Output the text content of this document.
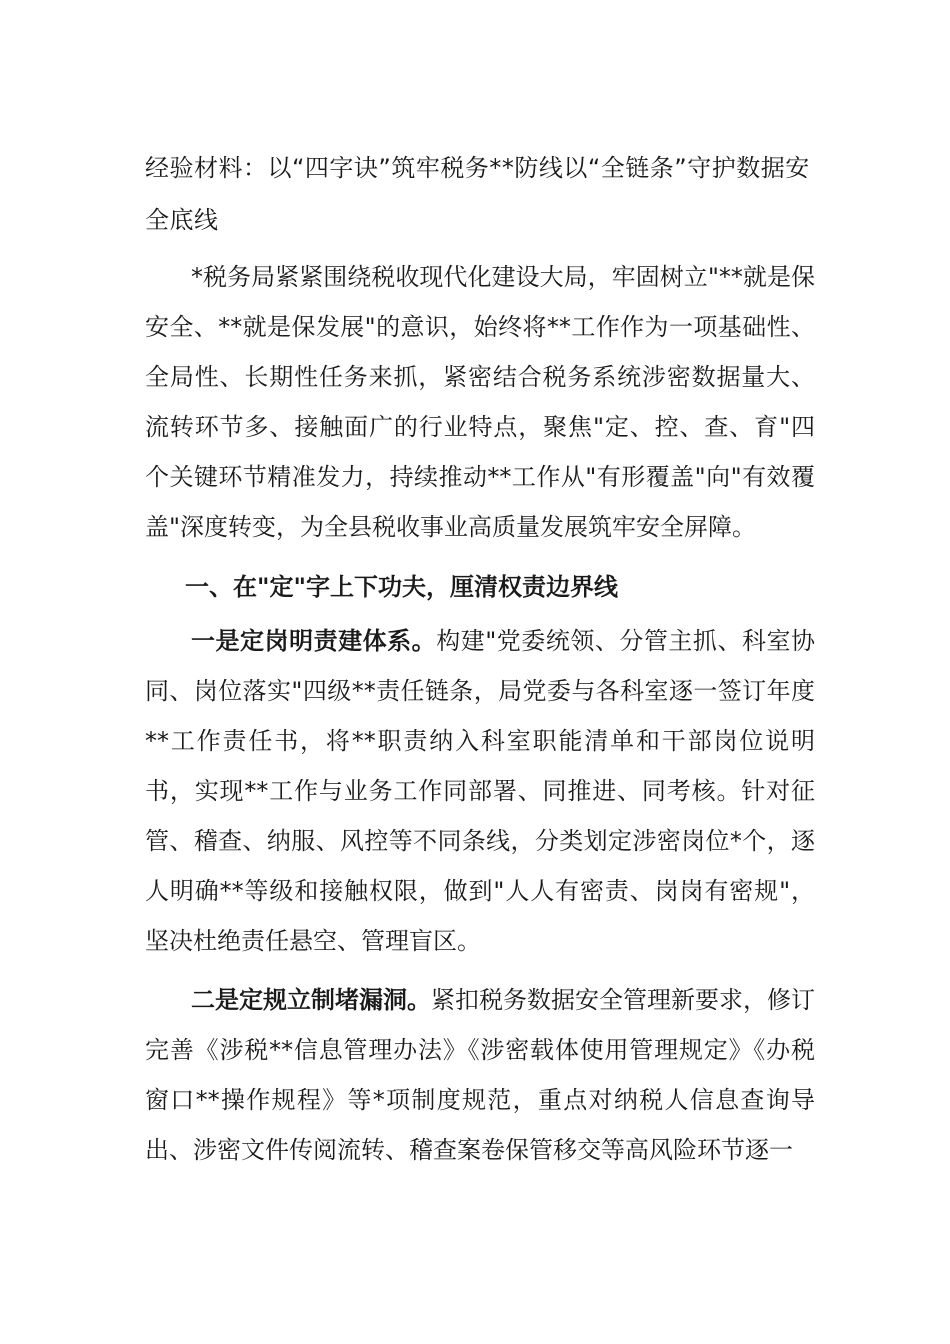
经验材料：以“四字诀”筑牢税务**防线以“全链条”守护数据安全底线

*税务局紧紧围绕税收现代化建设大局，牢固树立"**就是保安全、**就是保发展"的意识，始终将**工作作为一项基础性、全局性、长期性任务来抓，紧密结合税务系统涉密数据量大、流转环节多、接触面广的行业特点，聚焦"定、控、查、育"四个关键环节精准发力，持续推动**工作从"有形覆盖"向"有效覆盖"深度转变，为全县税收事业高质量发展筑牢安全屏障。

一、在"定"字上下功夫，厘清权责边界线

一是定岗明责建体系。构建"党委统领、分管主抓、科室协同、岗位落实"四级**责任链条，局党委与各科室逐一签订年度**工作责任书，将**职责纳入科室职能清单和干部岗位说明书，实现**工作与业务工作同部署、同推进、同考核。针对征管、稽查、纳服、风控等不同条线，分类划定涉密岗位*个，逐人明确**等级和接触权限，做到"人人有密责、岗岗有密规"，坚决杜绝责任悬空、管理盲区。

二是定规立制堵漏洞。紧扣税务数据安全管理新要求，修订完善《涉税**信息管理办法》《涉密载体使用管理规定》《办税窗口**操作规程》等*项制度规范，重点对纳税人信息查询导出、涉密文件传阅流转、稽查案卷保管移交等高风险环节逐一
